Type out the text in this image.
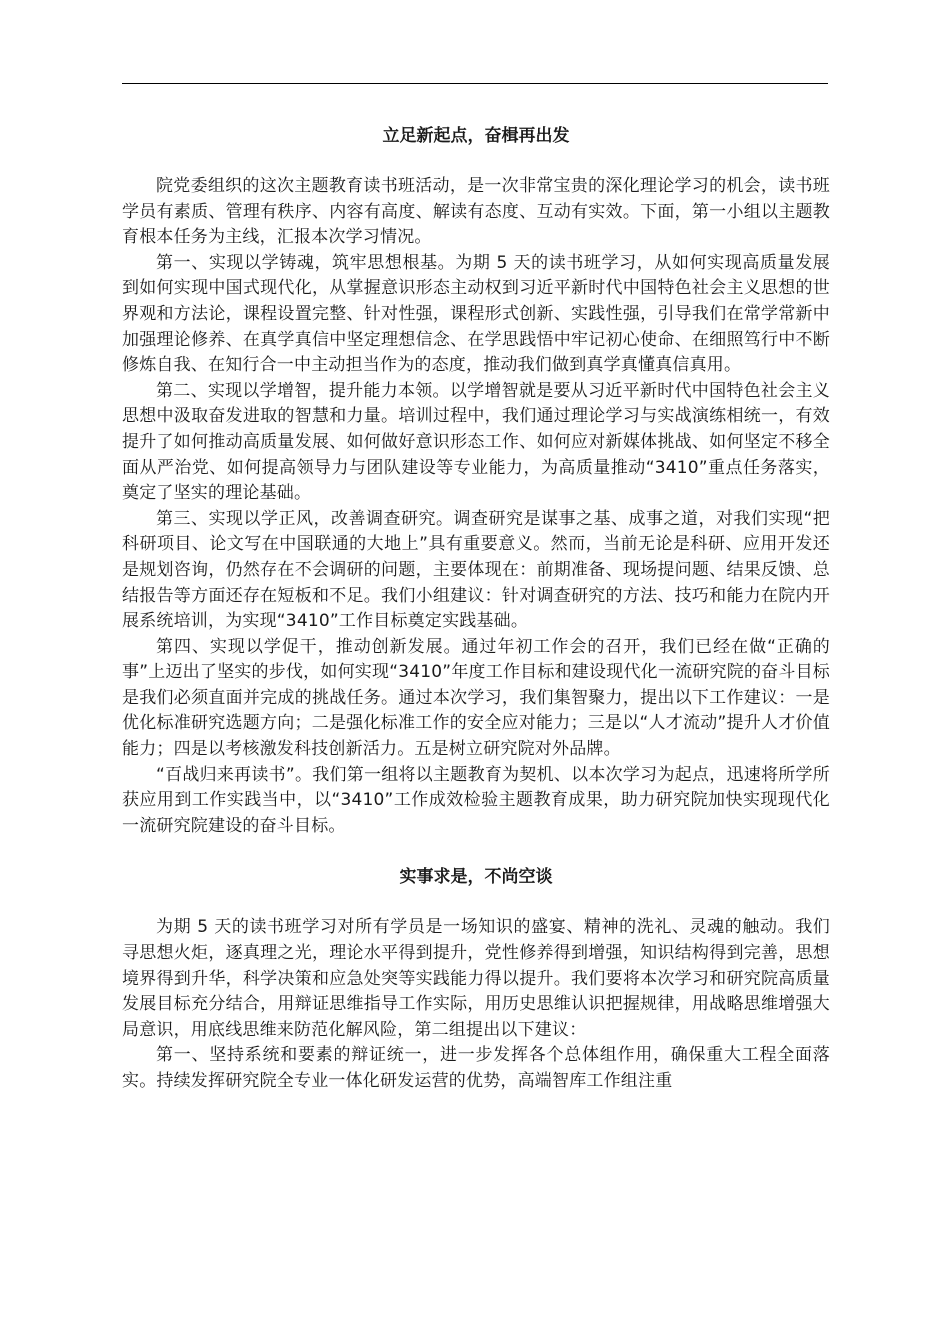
立足新起点，奋楫再出发

院党委组织的这次主题教育读书班活动，是一次非常宝贵的深化理论学习的机会，读书班学员有素质、管理有秩序、内容有高度、解读有态度、互动有实效。下面，第一小组以主题教育根本任务为主线，汇报本次学习情况。

第一、实现以学铸魂，筑牢思想根基。为期 5 天的读书班学习，从如何实现高质量发展到如何实现中国式现代化，从掌握意识形态主动权到习近平新时代中国特色社会主义思想的世界观和方法论，课程设置完整、针对性强，课程形式创新、实践性强，引导我们在常学常新中加强理论修养、在真学真信中坚定理想信念、在学思践悟中牢记初心使命、在细照笃行中不断修炼自我、在知行合一中主动担当作为的态度，推动我们做到真学真懂真信真用。

第二、实现以学增智，提升能力本领。以学增智就是要从习近平新时代中国特色社会主义思想中汲取奋发进取的智慧和力量。培训过程中，我们通过理论学习与实战演练相统一，有效提升了如何推动高质量发展、如何做好意识形态工作、如何应对新媒体挑战、如何坚定不移全面从严治党、如何提高领导力与团队建设等专业能力，为高质量推动“3410”重点任务落实，奠定了坚实的理论基础。

第三、实现以学正风，改善调查研究。调查研究是谋事之基、成事之道，对我们实现“把科研项目、论文写在中国联通的大地上”具有重要意义。然而，当前无论是科研、应用开发还是规划咨询，仍然存在不会调研的问题，主要体现在：前期准备、现场提问题、结果反馈、总结报告等方面还存在短板和不足。我们小组建议：针对调查研究的方法、技巧和能力在院内开展系统培训，为实现“3410”工作目标奠定实践基础。

第四、实现以学促干，推动创新发展。通过年初工作会的召开，我们已经在做“正确的事”上迈出了坚实的步伐，如何实现“3410”年度工作目标和建设现代化一流研究院的奋斗目标是我们必须直面并完成的挑战任务。通过本次学习，我们集智聚力，提出以下工作建议：一是优化标准研究选题方向；二是强化标准工作的安全应对能力；三是以“人才流动”提升人才价值能力；四是以考核激发科技创新活力。五是树立研究院对外品牌。

“百战归来再读书”。我们第一组将以主题教育为契机、以本次学习为起点，迅速将所学所获应用到工作实践当中，以“3410”工作成效检验主题教育成果，助力研究院加快实现现代化一流研究院建设的奋斗目标。

实事求是，不尚空谈

为期 5 天的读书班学习对所有学员是一场知识的盛宴、精神的洗礼、灵魂的触动。我们寻思想火炬，逐真理之光，理论水平得到提升，党性修养得到增强，知识结构得到完善，思想境界得到升华，科学决策和应急处突等实践能力得以提升。我们要将本次学习和研究院高质量发展目标充分结合，用辩证思维指导工作实际，用历史思维认识把握规律，用战略思维增强大局意识，用底线思维来防范化解风险，第二组提出以下建议：

第一、坚持系统和要素的辩证统一，进一步发挥各个总体组作用，确保重大工程全面落实。持续发挥研究院全专业一体化研发运营的优势，高端智库工作组注重
